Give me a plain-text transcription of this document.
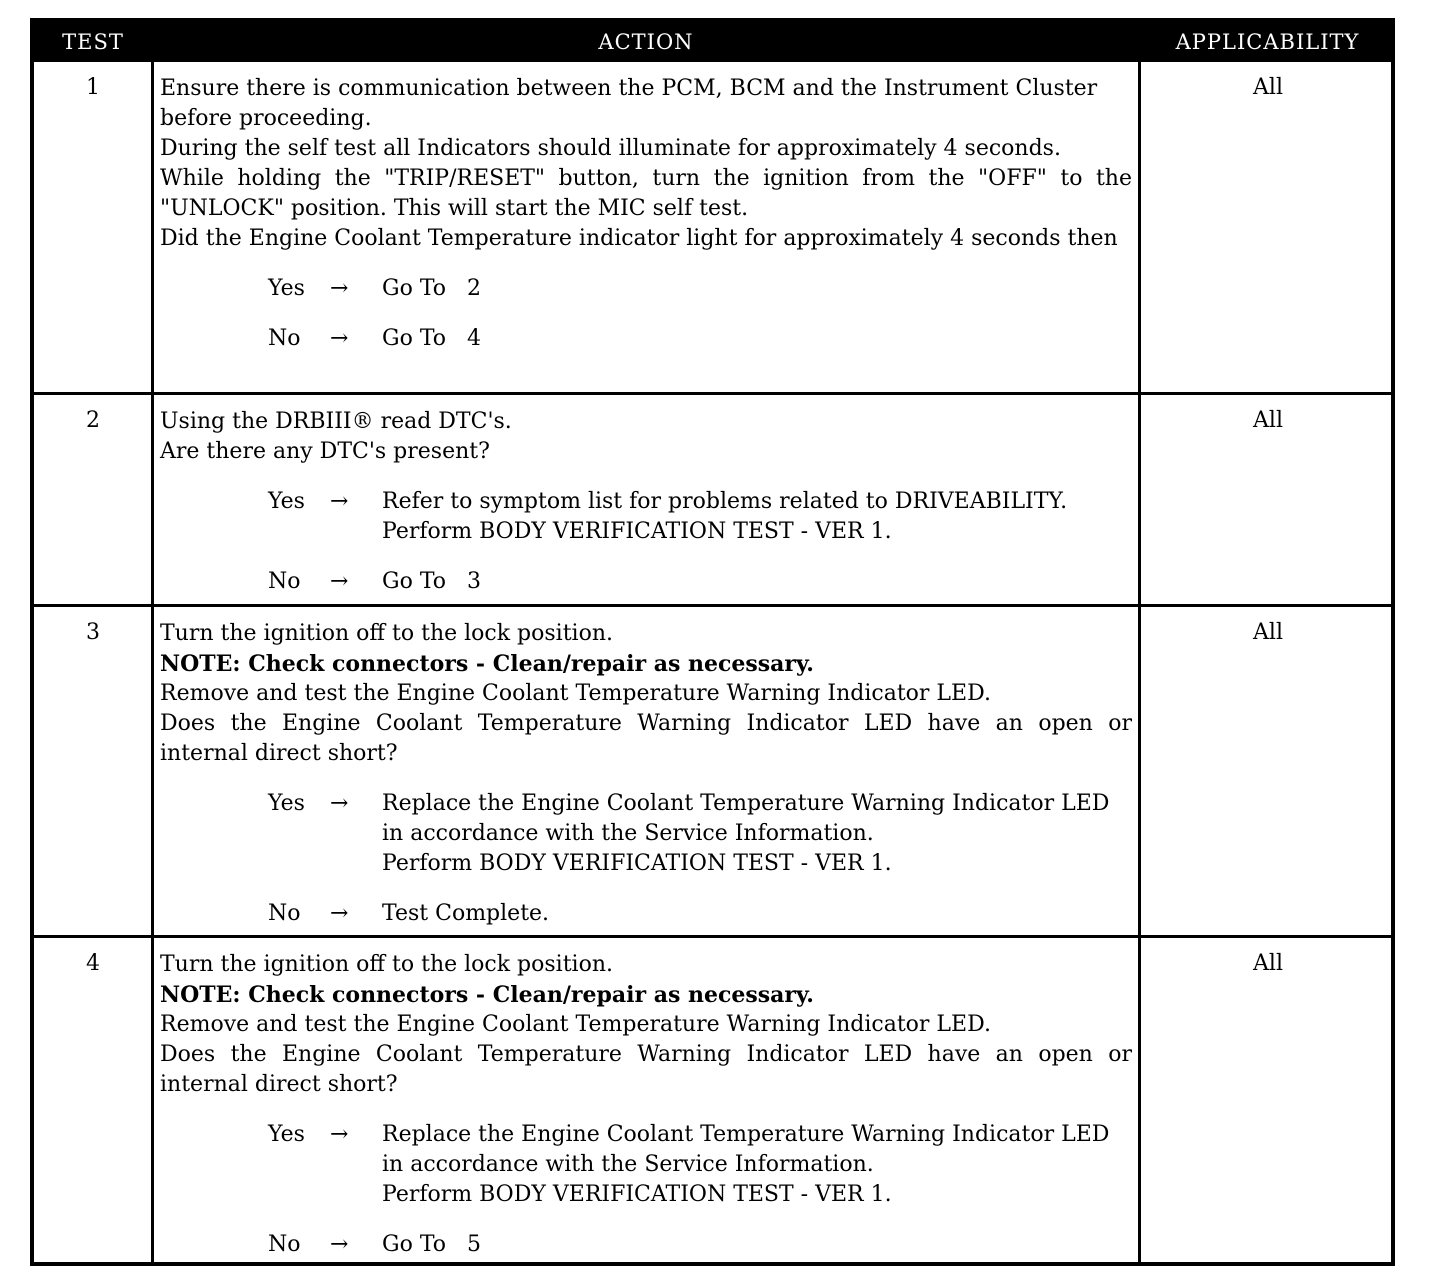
TEST	ACTION	APPLICABILITY
1	Ensure there is communication between the PCM, BCM and the Instrument Cluster before proceeding.

During the self test all Indicators should illuminate for approximately 4 seconds.

While holding the "TRIP/RESET" button, turn the ignition from the "OFF" to the "UNLOCK" position. This will start the MIC self test.

Did the Engine Coolant Temperature indicator light for approximately 4 seconds then

Yes → Go To   2
No → Go To   4
All
2	Using the DRBIII® read DTC's.

Are there any DTC's present?

Yes → Refer to symptom list for problems related to DRIVEABILITY.
Perform BODY VERIFICATION TEST - VER 1.
No → Go To   3
All
3	Turn the ignition off to the lock position.

NOTE: Check connectors - Clean/repair as necessary.

Remove and test the Engine Coolant Temperature Warning Indicator LED.

Does the Engine Coolant Temperature Warning Indicator LED have an open or internal direct short?

Yes → Replace the Engine Coolant Temperature Warning Indicator LED
in accordance with the Service Information.
Perform BODY VERIFICATION TEST - VER 1.
No → Test Complete.
All
4	Turn the ignition off to the lock position.

NOTE: Check connectors - Clean/repair as necessary.

Remove and test the Engine Coolant Temperature Warning Indicator LED.

Does the Engine Coolant Temperature Warning Indicator LED have an open or internal direct short?

Yes → Replace the Engine Coolant Temperature Warning Indicator LED
in accordance with the Service Information.
Perform BODY VERIFICATION TEST - VER 1.
No → Go To   5
All
